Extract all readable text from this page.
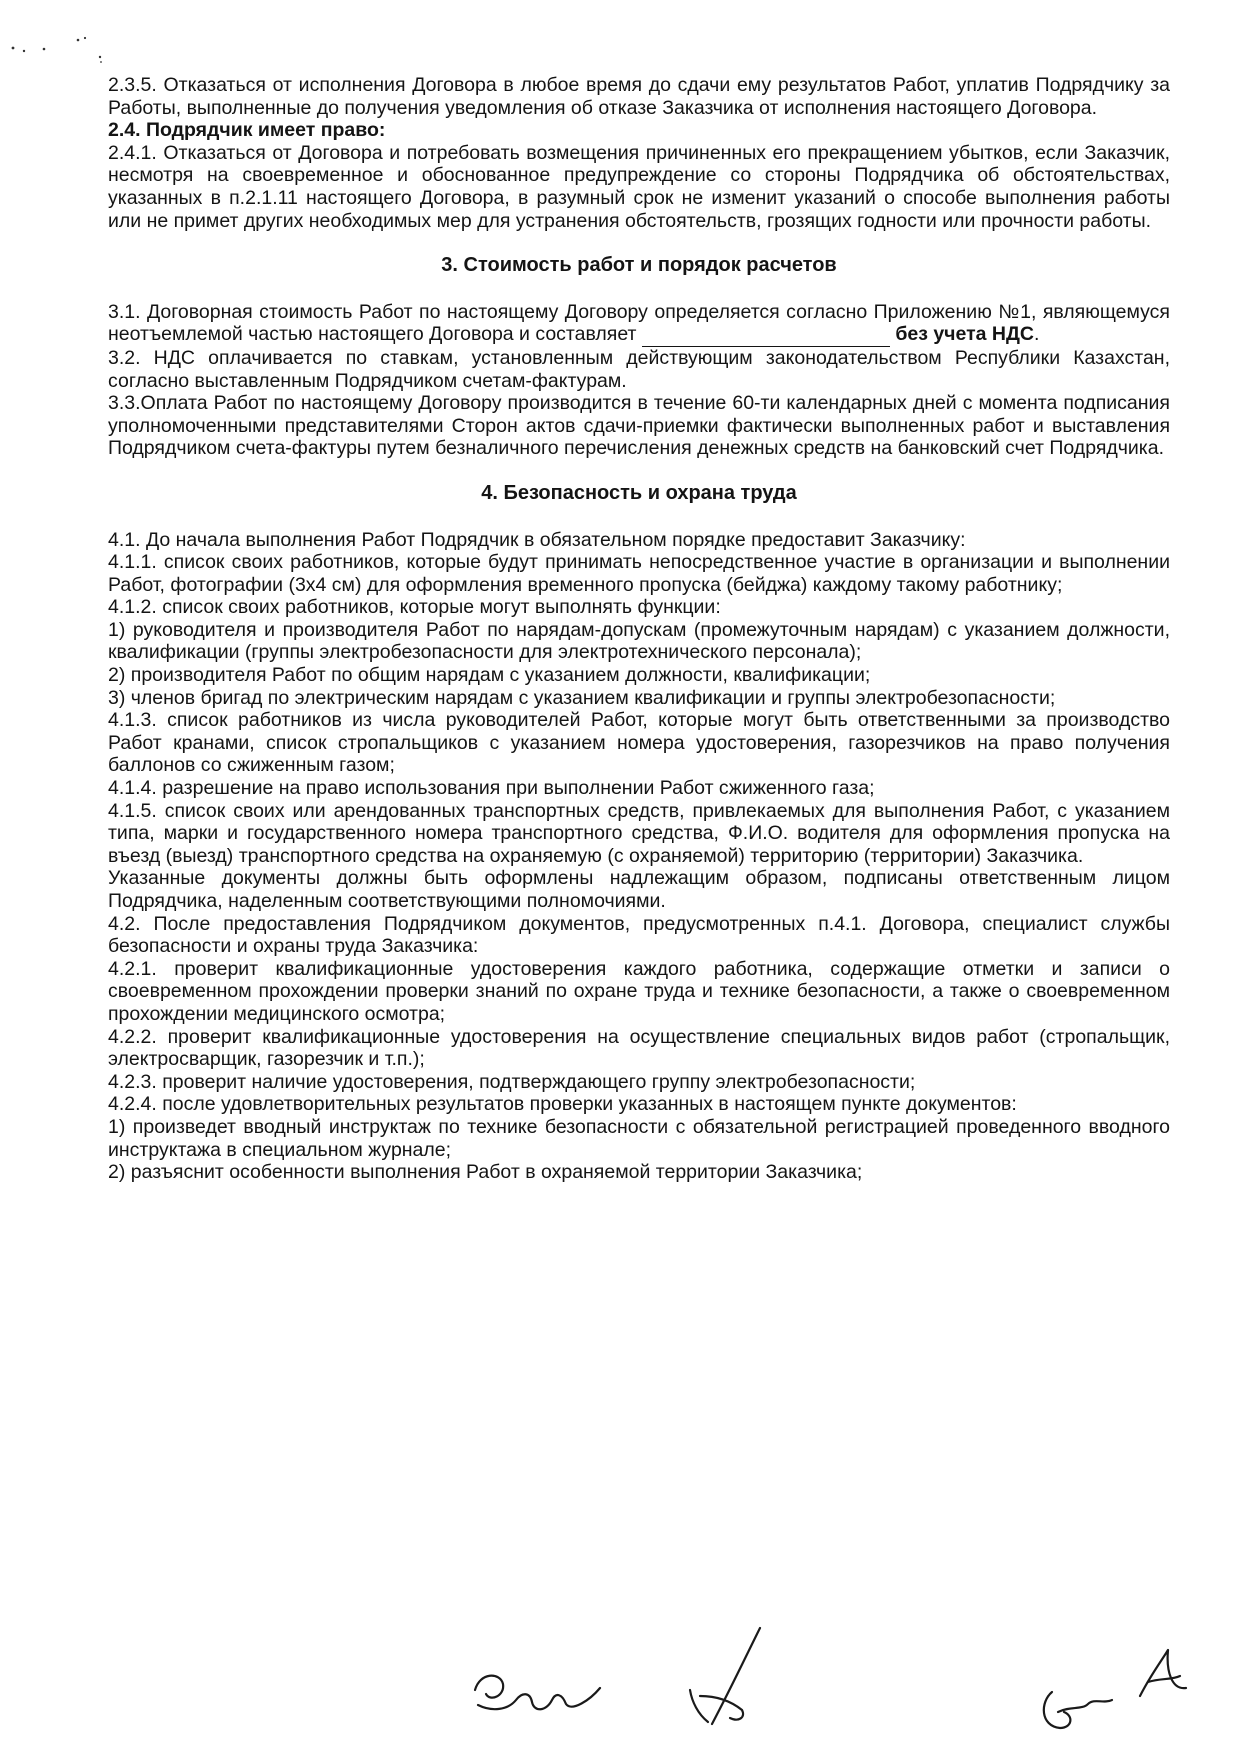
2.3.5. Отказаться от исполнения Договора в любое время до сдачи ему результатов Работ, уплатив Подрядчику за Работы, выполненные до получения уведомления об отказе Заказчика от исполнения настоящего Договора.

2.4. Подрядчик имеет право:

2.4.1. Отказаться от Договора и потребовать возмещения причиненных его прекращением убытков, если Заказчик, несмотря на своевременное и обоснованное предупреждение со стороны Подрядчика об обстоятельствах, указанных в п.2.1.11 настоящего Договора, в разумный срок не изменит указаний о способе выполнения работы или не примет других необходимых мер для устранения обстоятельств, грозящих годности или прочности работы.

3. Стоимость работ и порядок расчетов

3.1. Договорная стоимость Работ по настоящему Договору определяется согласно Приложению №1, являющемуся неотъемлемой частью настоящего Договора и составляет	без учета НДС.

3.2. НДС оплачивается по ставкам, установленным действующим законодательством Республики Казахстан, согласно выставленным Подрядчиком счетам-фактурам.

3.3.Оплата Работ по настоящему Договору производится в течение 60-ти календарных дней с момента подписания уполномоченными представителями Сторон актов сдачи-приемки фактически выполненных работ и выставления Подрядчиком счета-фактуры путем безналичного перечисления денежных средств на банковский счет Подрядчика.

4. Безопасность и охрана труда

4.1. До начала выполнения Работ Подрядчик в обязательном порядке предоставит Заказчику:

4.1.1. список своих работников, которые будут принимать непосредственное участие в организации и выполнении Работ, фотографии (3х4 см) для оформления временного пропуска (бейджа) каждому такому работнику;

4.1.2. список своих работников, которые могут выполнять функции:

1) руководителя и производителя Работ по нарядам-допускам (промежуточным нарядам) с указанием должности, квалификации (группы электробезопасности для электротехнического персонала);

2) производителя Работ по общим нарядам с указанием должности, квалификации;

3) членов бригад по электрическим нарядам с указанием квалификации и группы электробезопасности;

4.1.3. список работников из числа руководителей Работ, которые могут быть ответственными за производство Работ кранами, список стропальщиков с указанием номера удостоверения, газорезчиков на право получения баллонов со сжиженным газом;

4.1.4. разрешение на право использования при выполнении Работ сжиженного газа;

4.1.5. список своих или арендованных транспортных средств, привлекаемых для выполнения Работ, с указанием типа, марки и государственного номера транспортного средства, Ф.И.О. водителя для оформления пропуска на въезд (выезд) транспортного средства на охраняемую (с охраняемой) территорию (территории) Заказчика.

Указанные документы должны быть оформлены надлежащим образом, подписаны ответственным лицом Подрядчика, наделенным соответствующими полномочиями.

4.2. После предоставления Подрядчиком документов, предусмотренных п.4.1. Договора, специалист службы безопасности и охраны труда Заказчика:

4.2.1. проверит квалификационные удостоверения каждого работника, содержащие отметки и записи о своевременном прохождении проверки знаний по охране труда и технике безопасности, а также о своевременном прохождении медицинского осмотра;

4.2.2. проверит квалификационные удостоверения на осуществление специальных видов работ (стропальщик, электросварщик, газорезчик и т.п.);

4.2.3. проверит наличие удостоверения, подтверждающего группу электробезопасности;

4.2.4. после удовлетворительных результатов проверки указанных в настоящем пункте документов:

1) произведет вводный инструктаж по технике безопасности с обязательной регистрацией проведенного вводного инструктажа в специальном журнале;

2) разъяснит особенности выполнения Работ в охраняемой территории Заказчика;
